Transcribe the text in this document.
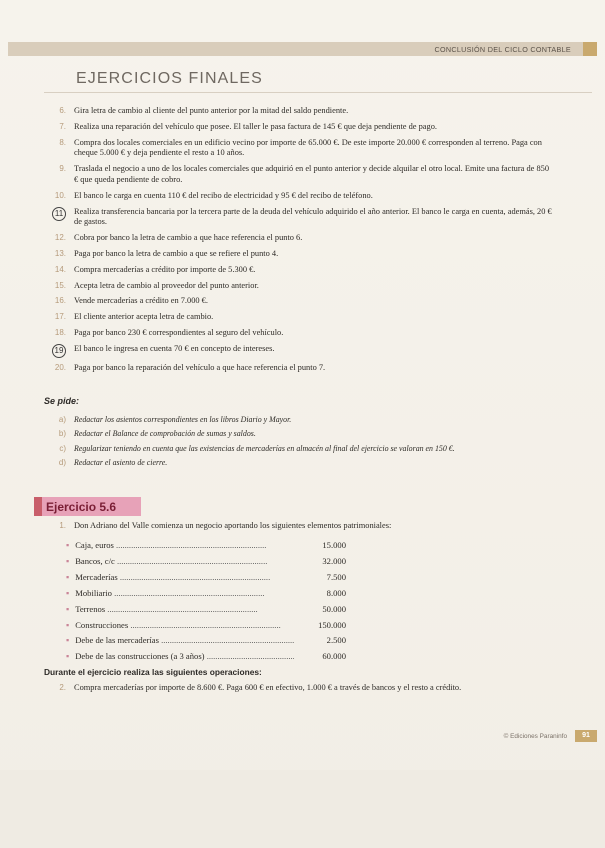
CONCLUSIÓN DEL CICLO CONTABLE
EJERCICIOS FINALES
6. Gira letra de cambio al cliente del punto anterior por la mitad del saldo pendiente.
7. Realiza una reparación del vehículo que posee. El taller le pasa factura de 145 € que deja pendiente de pago.
8. Compra dos locales comerciales en un edificio vecino por importe de 65.000 €. De este importe 20.000 € corresponden al terreno. Paga con cheque 5.000 € y deja pendiente el resto a 10 años.
9. Traslada el negocio a uno de los locales comerciales que adquirió en el punto anterior y decide alquilar el otro local. Emite una factura de 850 € que queda pendiente de cobro.
10. El banco le carga en cuenta 110 € del recibo de electricidad y 95 € del recibo de teléfono.
11	Realiza transferencia bancaria por la tercera parte de la deuda del vehículo adquirido el año anterior. El banco le carga en cuenta, además, 20 € de gastos.
12. Cobra por banco la letra de cambio a que hace referencia el punto 6.
13. Paga por banco la letra de cambio a que se refiere el punto 4.
14. Compra mercaderías a crédito por importe de 5.300 €.
15. Acepta letra de cambio al proveedor del punto anterior.
16. Vende mercaderías a crédito en 7.000 €.
17. El cliente anterior acepta letra de cambio.
18. Paga por banco 230 € correspondientes al seguro del vehículo.
19	El banco le ingresa en cuenta 70 € en concepto de intereses.
20. Paga por banco la reparación del vehículo a que hace referencia el punto 7.
Se pide:
a)	Redactar los asientos correspondientes en los libros Diario y Mayor.
b)	Redactar el Balance de comprobación de sumas y saldos.
c)	Regularizar teniendo en cuenta que las existencias de mercaderías en almacén al final del ejercicio se valoran en 150 €.
d)	Redactar el asiento de cierre.
Ejercicio 5.6
1. Don Adriano del Valle comienza un negocio aportando los siguientes elementos patrimoniales:
▪ Caja, euros .....	15.000
▪ Bancos, c/c .....	32.000
▪ Mercaderías .....	7.500
▪ Mobiliario .....	8.000
▪ Terrenos .....	50.000
▪ Construcciones .....	150.000
▪ Debe de las mercaderías .....	2.500
▪ Debe de las construcciones (a 3 años) .....	60.000
Durante el ejercicio realiza las siguientes operaciones:
2. Compra mercaderías por importe de 8.600 €. Paga 600 € en efectivo, 1.000 € a través de bancos y el resto a crédito.
© Ediciones Paraninfo	91
